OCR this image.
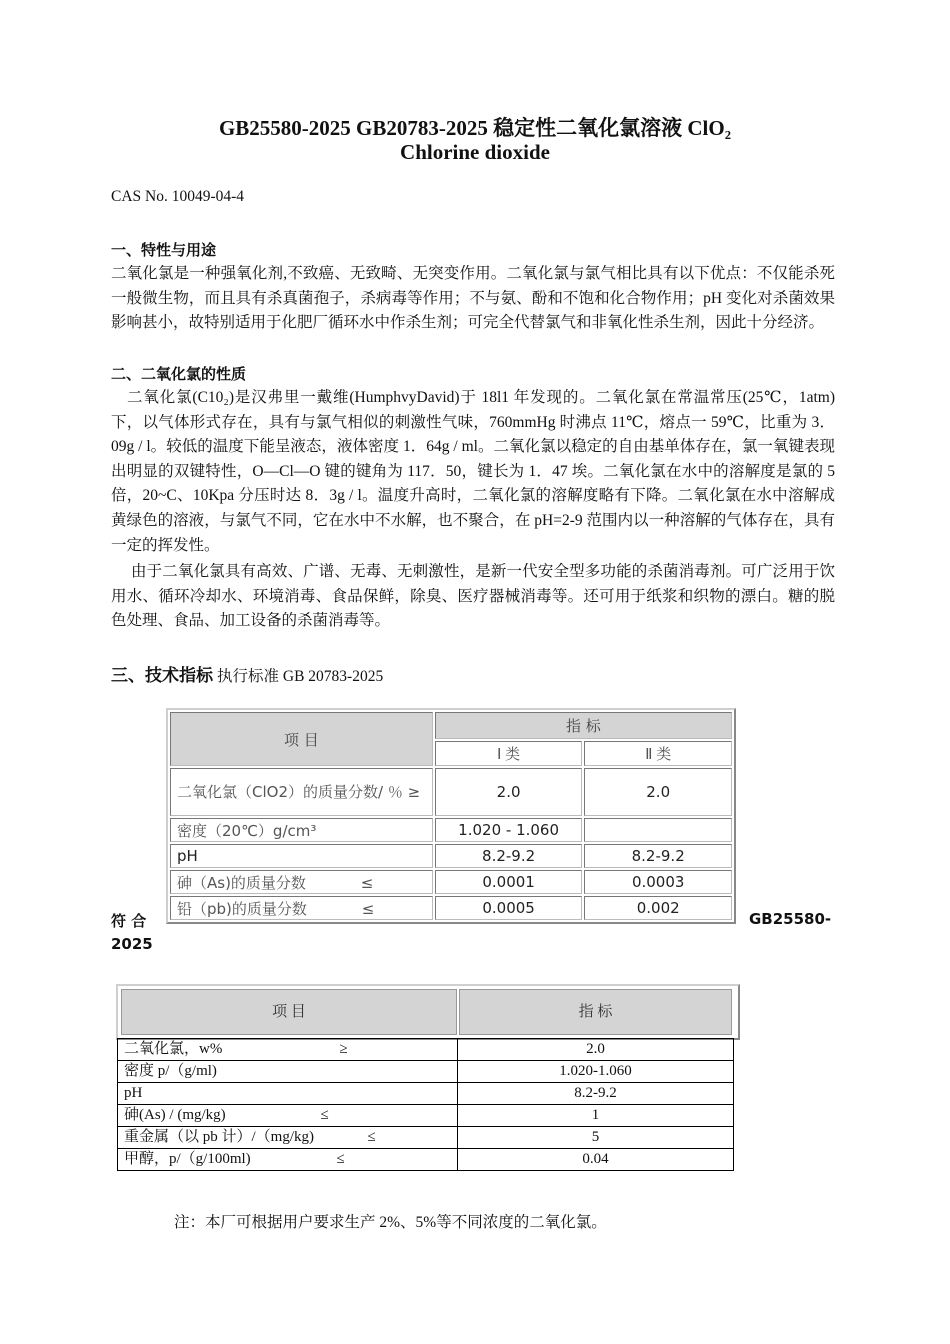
GB25580-2025 GB20783-2025 稳定性二氧化氯溶液 ClO₂
Chlorine dioxide
CAS No. 10049-04-4
一、特性与用途
二氧化氯是一种强氧化剂,不致癌、无致畸、无突变作用。二氧化氯与氯气相比具有以下优点：不仅能杀死一般微生物，而且具有杀真菌孢子，杀病毒等作用；不与氨、酚和不饱和化合物作用；pH 变化对杀菌效果影响甚小，故特别适用于化肥厂循环水中作杀生剂；可完全代替氯气和非氧化性杀生剂，因此十分经济。
二、二氧化氯的性质
二氧化氯(C10₂)是汉弗里一戴维(HumphvyDavid)于 18l1 年发现的。二氧化氯在常温常压(25℃，1atm)下，以气体形式存在，具有与氯气相似的刺激性气味，760mmHg 时沸点 11℃，熔点一 59℃，比重为 3．09g / l。较低的温度下能呈液态，液体密度 1．64g / ml。二氧化氯以稳定的自由基单体存在，氯一氧键表现出明显的双键特性，O—Cl—O 键的键角为 117．50，键长为 1．47 埃。二氧化氯在水中的溶解度是氯的 5 倍，20~C、10Kpa 分压时达 8．3g / l。温度升高时，二氧化氯的溶解度略有下降。二氧化氯在水中溶解成黄绿色的溶液，与氯气不同，它在水中不水解，也不聚合，在 pH=2-9 范围内以一种溶解的气体存在，具有一定的挥发性。
由于二氧化氯具有高效、广谱、无毒、无刺激性，是新一代安全型多功能的杀菌消毒剂。可广泛用于饮用水、循环冷却水、环境消毒、食品保鲜，除臭、医疗器械消毒等。还可用于纸浆和织物的漂白。糖的脱色处理、食品、加工设备的杀菌消毒等。
三、技术指标 执行标准 GB 20783-2025
项 目	指 标	
	Ⅰ 类	Ⅱ 类
二氧化氯（ClO2）的质量分数/ ％ ≥	2.0	2.0
密度（20℃）g/cm³	1.020 - 1.060	
pH	8.2-9.2	8.2-9.2
砷（As)的质量分数 ≤	0.0001	0.0003
铅（pb)的质量分数 ≤	0.0005	0.002
符 合	GB25580-
2025
项 目	指 标
二氧化氯，w% ≥	2.0
密度 p/（g/ml)	1.020-1.060
pH	8.2-9.2
砷(As) / (mg/kg) ≤	1
重金属（以 pb 计）/（mg/kg) ≤	5
甲醇，p/（g/100ml) ≤	0.04
注：本厂可根据用户要求生产 2%、5%等不同浓度的二氧化氯。
